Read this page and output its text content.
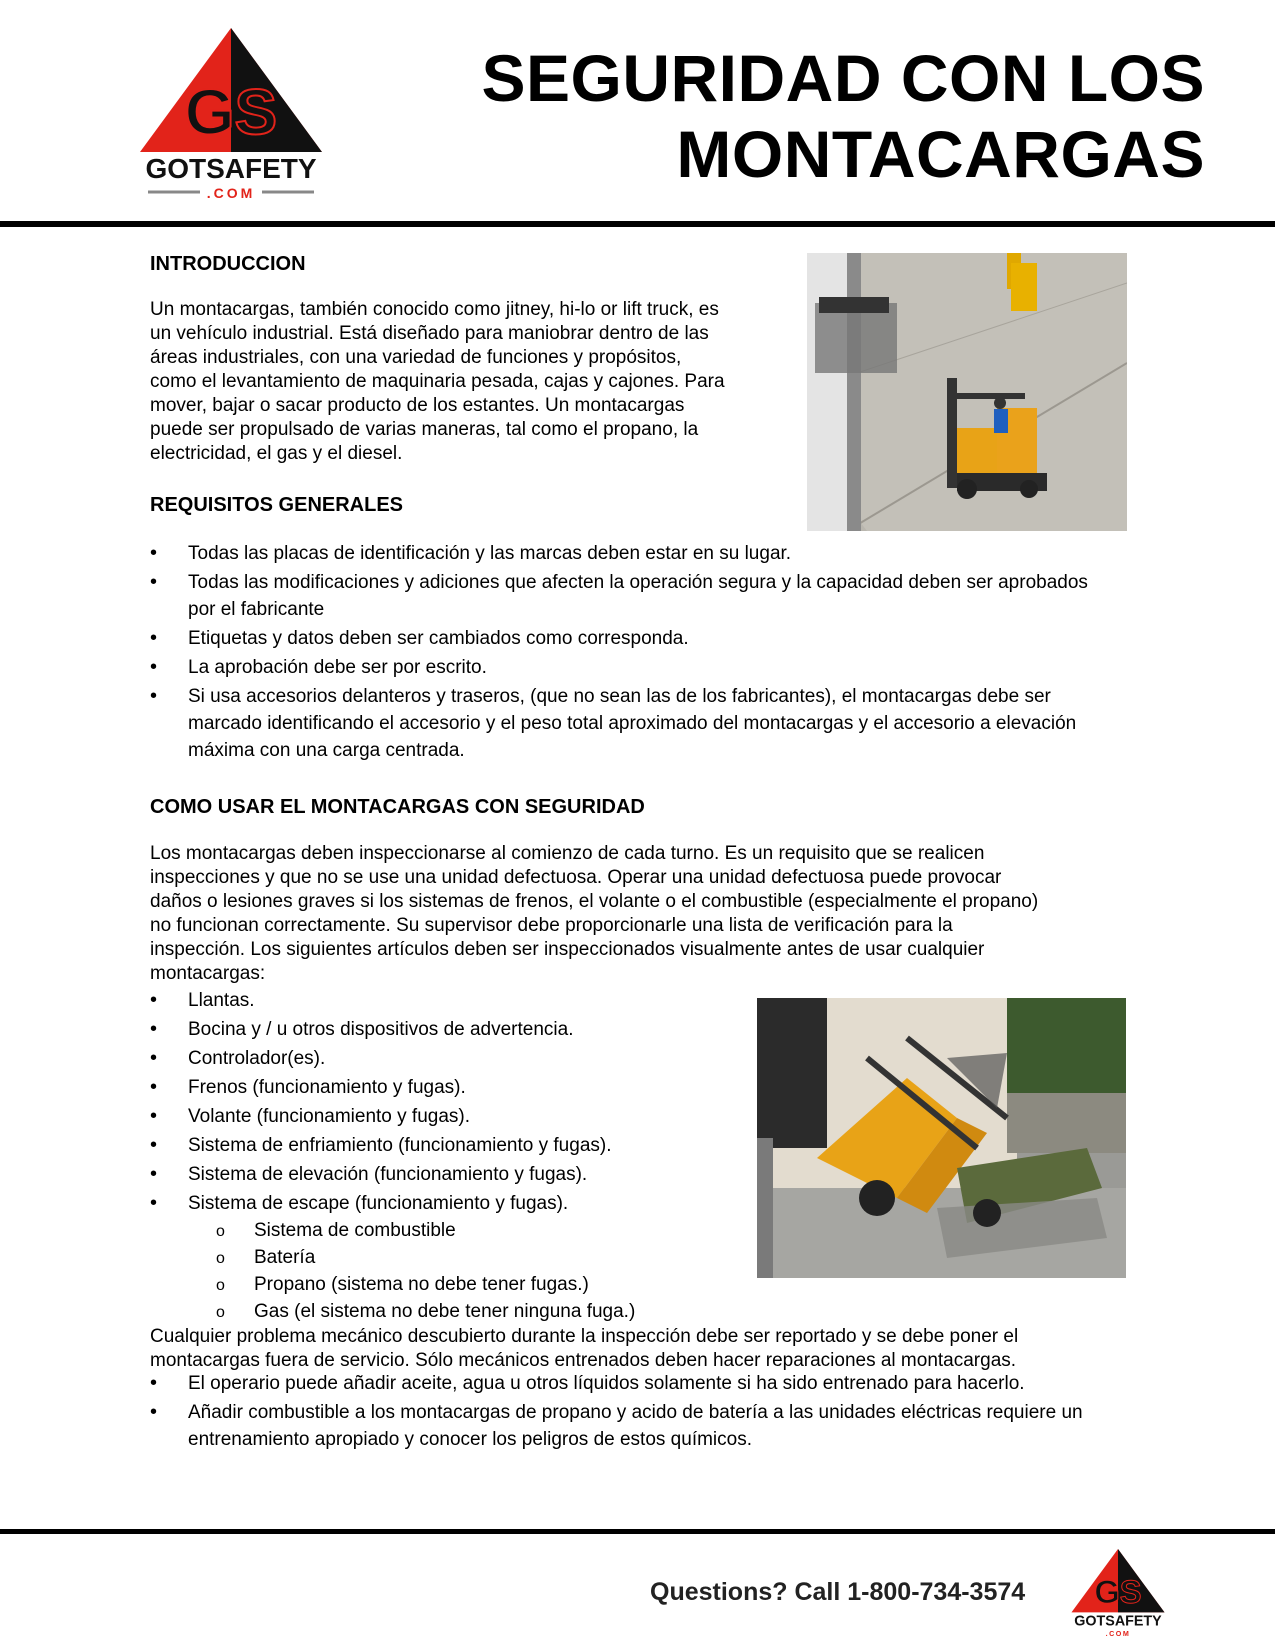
GS
GOTSAFETY
.COM
SEGURIDAD CON LOS
MONTACARGAS
INTRODUCCION
Un montacargas, también conocido como jitney, hi-lo or lift truck, es
un vehículo industrial. Está diseñado para maniobrar dentro de las
áreas industriales, con una variedad de funciones y propósitos,
como el levantamiento de maquinaria pesada, cajas y cajones. Para
mover, bajar o sacar producto de los estantes. Un montacargas
puede ser propulsado de varias maneras, tal como el propano, la
electricidad, el gas y el diesel.
REQUISITOS GENERALES
• Todas las placas de identificación y las marcas deben estar en su lugar.
• Todas las modificaciones y adiciones que afecten la operación segura y la capacidad deben ser aprobados por el fabricante
• Etiquetas y datos deben ser cambiados como corresponda.
• La aprobación debe ser por escrito.
• Si usa accesorios delanteros y traseros, (que no sean las de los fabricantes), el montacargas debe ser marcado identificando el accesorio y el peso total aproximado del montacargas y el accesorio a elevación máxima con una carga centrada.
COMO USAR EL MONTACARGAS CON SEGURIDAD
Los montacargas deben inspeccionarse al comienzo de cada turno. Es un requisito que se realicen
inspecciones y que no se use una unidad defectuosa. Operar una unidad defectuosa puede provocar
daños o lesiones graves si los sistemas de frenos, el volante o el combustible (especialmente el propano)
no funcionan correctamente. Su supervisor debe proporcionarle una lista de verificación para la
inspección. Los siguientes artículos deben ser inspeccionados visualmente antes de usar cualquier
montacargas:
• Llantas.
• Bocina y / u otros dispositivos de advertencia.
• Controlador(es).
• Frenos (funcionamiento y fugas).
• Volante (funcionamiento y fugas).
• Sistema de enfriamiento (funcionamiento y fugas).
• Sistema de elevación (funcionamiento y fugas).
• Sistema de escape (funcionamiento y fugas).
o Sistema de combustible
o Batería
o Propano (sistema no debe tener fugas.)
o Gas (el sistema no debe tener ninguna fuga.)
Cualquier problema mecánico descubierto durante la inspección debe ser reportado y se debe poner el
montacargas fuera de servicio. Sólo mecánicos entrenados deben hacer reparaciones al montacargas.
• El operario puede añadir aceite, agua u otros líquidos solamente si ha sido entrenado para hacerlo.
• Añadir combustible a los montacargas de propano y acido de batería a las unidades eléctricas requiere un entrenamiento apropiado y conocer los peligros de estos químicos.
Questions? Call 1-800-734-3574 GS
GOTSAFETY
.COM
